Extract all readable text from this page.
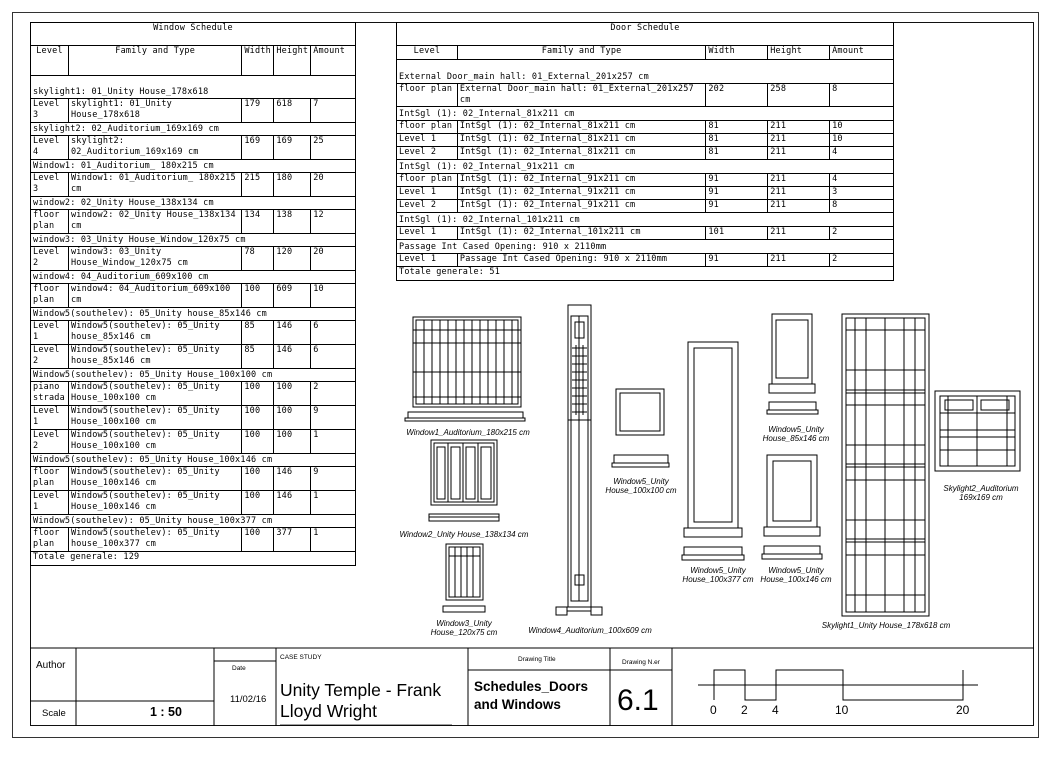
Window Schedule				
Level	Family and Type	Width	Height	Amount
skylight1: 01_Unity House_178x618				
Level 3	skylight1: 01_Unity House_178x618	179	618	7
skylight2: 02_Auditorium_169x169 cm				
Level 4	skylight2: 02_Auditorium_169x169 cm	169	169	25
Window1: 01_Auditorium_ 180x215 cm				
Level 3	Window1: 01_Auditorium_ 180x215 cm	215	180	20
window2: 02_Unity House_138x134 cm				
floor plan	window2: 02_Unity House_138x134 cm	134	138	12
window3: 03_Unity House_Window_120x75 cm				
Level 2	window3: 03_Unity House_Window_120x75 cm	78	120	20
window4: 04_Auditorium_609x100 cm				
floor plan	window4: 04_Auditorium_609x100 cm	100	609	10
Window5(southelev): 05_Unity house_85x146 cm				
Level 1	Window5(southelev): 05_Unity house_85x146 cm	85	146	6
Level 2	Window5(southelev): 05_Unity house_85x146 cm	85	146	6
Window5(southelev): 05_Unity House_100x100 cm				
piano strada	Window5(southelev): 05_Unity House_100x100 cm	100	100	2
Level 1	Window5(southelev): 05_Unity House_100x100 cm	100	100	9
Level 2	Window5(southelev): 05_Unity House_100x100 cm	100	100	1
Window5(southelev): 05_Unity House_100x146 cm				
floor plan	Window5(southelev): 05_Unity House_100x146 cm	100	146	9
Level 1	Window5(southelev): 05_Unity House_100x146 cm	100	146	1
Window5(southelev): 05_Unity house_100x377 cm				
floor plan	Window5(southelev): 05_Unity house_100x377 cm	100	377	1
Totale generale: 129				
Door Schedule				
Level	Family and Type	Width	Height	Amount
External Door_main hall: 01_External_201x257 cm				
floor plan	External Door_main hall: 01_External_201x257 cm	202	258	8
IntSgl (1): 02_Internal_81x211 cm				
floor plan	IntSgl (1): 02_Internal_81x211 cm	81	211	10
Level 1	IntSgl (1): 02_Internal_81x211 cm	81	211	10
Level 2	IntSgl (1): 02_Internal_81x211 cm	81	211	4
IntSgl (1): 02_Internal_91x211 cm				
floor plan	IntSgl (1): 02_Internal_91x211 cm	91	211	4
Level 1	IntSgl (1): 02_Internal_91x211 cm	91	211	3
Level 2	IntSgl (1): 02_Internal_91x211 cm	91	211	8
IntSgl (1): 02_Internal_101x211 cm				
Level 1	IntSgl (1): 02_Internal_101x211 cm	101	211	2
Passage Int Cased Opening: 910 x 2110mm				
Level 1	Passage Int Cased Opening: 910 x 2110mm	91	211	2
Totale generale: 51				
Window1_Auditorium_180x215 cm
Window2_Unity House_138x134 cm
Window3_Unity House_120x75 cm	Window4_Auditorium_100x609 cm
Window5_Unity House_100x100 cm
Window5_Unity House_85x146 cm
Window5_Unity House_100x377 cm
Window5_Unity House_100x146 cm
Skylight1_Unity House_178x618 cm
Skylight2_Auditorium 169x169 cm
Author
Scale	1 : 50
Date
11/02/16
CASE STUDY
Unity Temple - Frank Lloyd Wright
Drawing Title
Schedules_Doors and Windows
Drawing N.er
6.1	0 2 4	10	20
